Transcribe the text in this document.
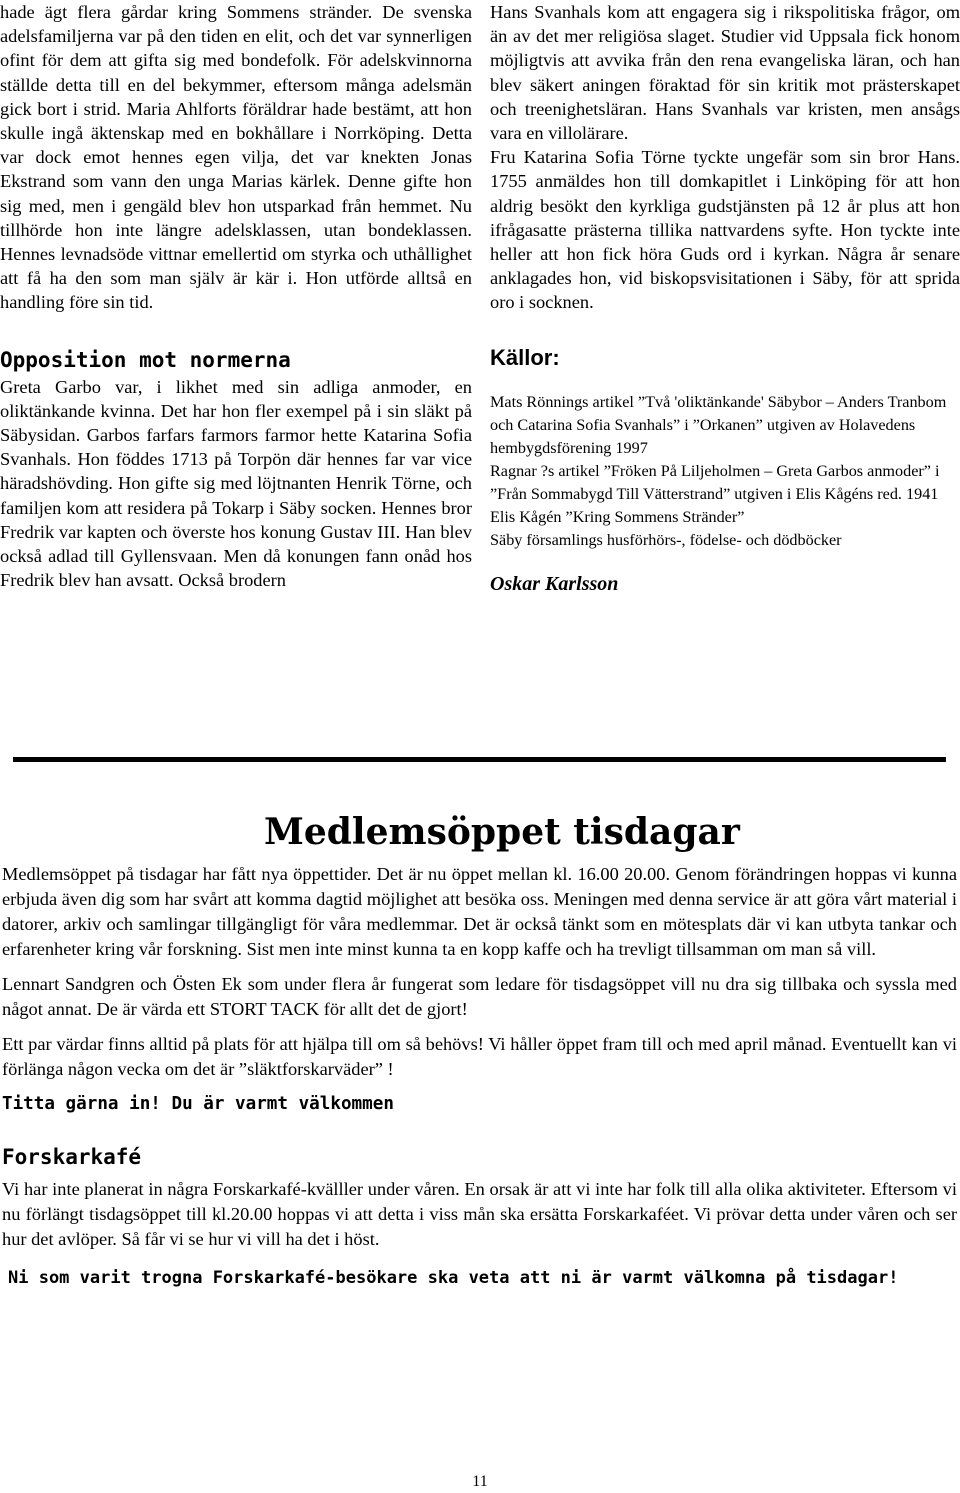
hade ägt flera gårdar kring Sommens stränder. De svenska adelsfamiljerna var på den tiden en elit, och det var synnerligen ofint för dem att gifta sig med bondefolk. För adelskvinnorna ställde detta till en del bekymmer, eftersom många adelsmän gick bort i strid. Maria Ahlforts föräldrar hade bestämt, att hon skulle ingå äktenskap med en bokhållare i Norrköping. Detta var dock emot hennes egen vilja, det var knekten Jonas Ekstrand som vann den unga Marias kärlek. Denne gifte hon sig med, men i gengäld blev hon utsparkad från hemmet. Nu tillhörde hon inte längre adelsklassen, utan bondeklassen. Hennes levnadsöde vittnar emellertid om styrka och uthållighet att få ha den som man själv är kär i. Hon utförde alltså en handling före sin tid.

Opposition mot normerna

Greta Garbo var, i likhet med sin adliga anmoder, en oliktänkande kvinna. Det har hon fler exempel på i sin släkt på Säbysidan. Garbos farfars farmors farmor hette Katarina Sofia Svanhals. Hon föddes 1713 på Torpön där hennes far var vice häradshövding. Hon gifte sig med löjtnanten Henrik Törne, och familjen kom att residera på Tokarp i Säby socken. Hennes bror Fredrik var kapten och överste hos konung Gustav III. Han blev också adlad till Gyllensvaan. Men då konungen fann onåd hos Fredrik blev han avsatt. Också brodern

Hans Svanhals kom att engagera sig i rikspolitiska frågor, om än av det mer religiösa slaget. Studier vid Uppsala fick honom möjligtvis att avvika från den rena evangeliska läran, och han blev säkert aningen föraktad för sin kritik mot prästerskapet och treenighetsläran. Hans Svanhals var kristen, men ansågs vara en villolärare.

Fru Katarina Sofia Törne tyckte ungefär som sin bror Hans. 1755 anmäldes hon till domkapitlet i Linköping för att hon aldrig besökt den kyrkliga gudstjänsten på 12 år plus att hon ifrågasatte prästerna tillika nattvardens syfte. Hon tyckte inte heller att hon fick höra Guds ord i kyrkan. Några år senare anklagades hon, vid biskopsvisitationen i Säby, för att sprida oro i socknen.

Källor:
Mats Rönnings artikel ”Två 'oliktänkande' Säbybor – Anders Tranbom och Catarina Sofia Svanhals” i ”Orkanen” utgiven av Holavedens hembygdsförening 1997
Ragnar ?s artikel ”Fröken På Liljeholmen – Greta Garbos anmoder” i ”Från Sommabygd Till Vätterstrand” utgiven i Elis Kågéns red. 1941
Elis Kågén ”Kring Sommens Stränder”
Säby församlings husförhörs-, födelse- och dödböcker
Oskar Karlsson
Medlemsöppet tisdagar

Medlemsöppet på tisdagar har fått nya öppettider. Det är nu öppet mellan kl. 16.00 20.00. Genom förändringen hoppas vi kunna erbjuda även dig som har svårt att komma dagtid möjlighet att besöka oss. Meningen med denna service är att göra vårt material i datorer, arkiv och samlingar tillgängligt för våra medlemmar. Det är också tänkt som en mötesplats där vi kan utbyta tankar och erfarenheter kring vår forskning. Sist men inte minst kunna ta en kopp kaffe och ha trevligt tillsamman om man så vill.

Lennart Sandgren och Östen Ek som under flera år fungerat som ledare för tisdagsöppet vill nu dra sig tillbaka och syssla med något annat. De är värda ett STORT TACK för allt det de gjort!

Ett par värdar finns alltid på plats för att hjälpa till om så behövs! Vi håller öppet fram till och med april månad. Eventuellt kan vi förlänga någon vecka om det är ”släktforskarväder” !

Titta gärna in! Du är varmt välkommen
Forskarkafé

Vi har inte planerat in några Forskarkafé-kvälller under våren. En orsak är att vi inte har folk till alla olika aktiviteter. Eftersom vi nu förlängt tisdagsöppet till kl.20.00 hoppas vi att detta i viss mån ska ersätta Forskarkaféet. Vi prövar detta under våren och ser hur det avlöper. Så får vi se hur vi vill ha det i höst.

Ni som varit trogna Forskarkafé-besökare ska veta att ni är varmt välkomna på tisdagar!
11
